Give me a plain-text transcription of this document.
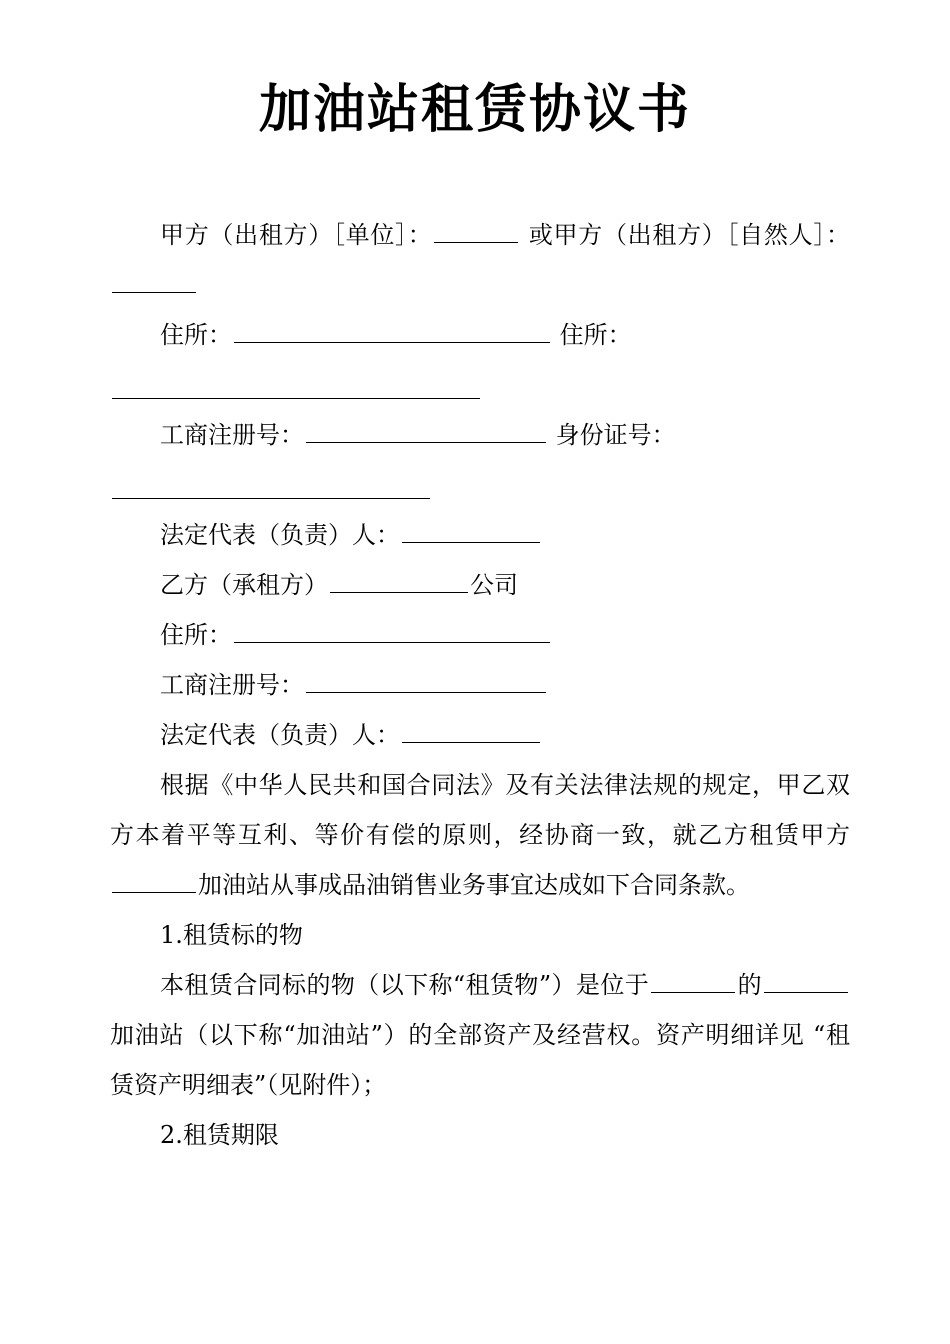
加油站租赁协议书

甲方（出租方）［单位］：	或甲方（出租方）［自然人］：

住所：	住所：

工商注册号：	身份证号：

法定代表（负责）人：

乙方（承租方）	公司

住所：

工商注册号：

法定代表（负责）人：

根据《中华人民共和国合同法》及有关法律法规的规定，甲乙双方本着平等互利、等价有偿的原则，经协商一致，就乙方租赁甲方加油站从事成品油销售业务事宜达成如下合同条款。

1.租赁标的物

本租赁合同标的物（以下称“租赁物”）是位于	的加油站（以下称“加油站”）的全部资产及经营权。资产明细详见 “租赁资产明细表”（见附件）；

2.租赁期限
